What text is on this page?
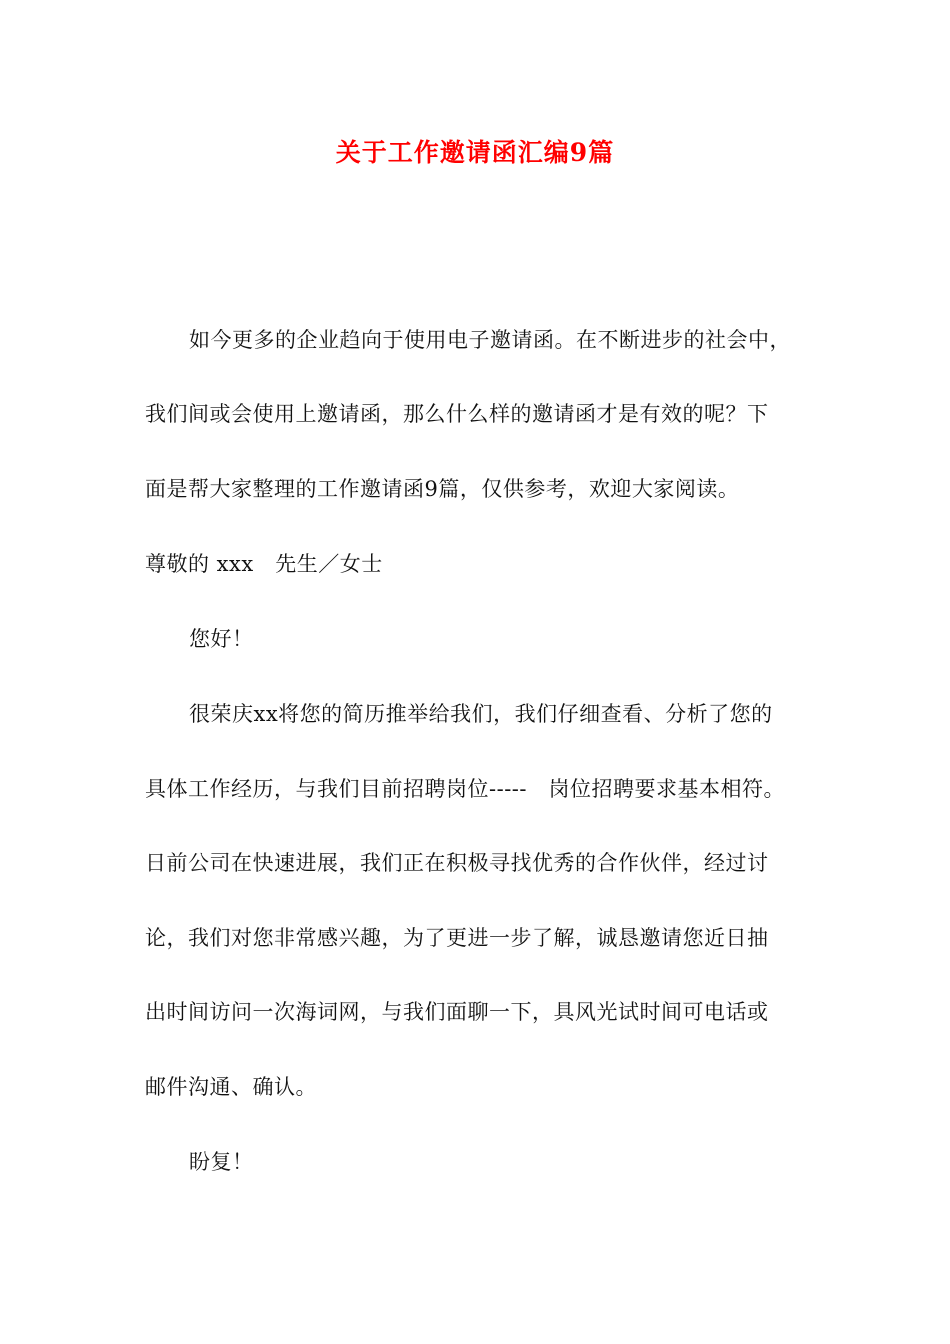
关于工作邀请函汇编9篇
如今更多的企业趋向于使用电子邀请函。在不断进步的社会中，
我们间或会使用上邀请函，那么什么样的邀请函才是有效的呢？下
面是帮大家整理的工作邀请函9篇，仅供参考，欢迎大家阅读。
尊敬的 xxx　先生／女士
您好！
很荣庆xx将您的简历推举给我们，我们仔细查看、分析了您的
具体工作经历，与我们目前招聘岗位-----　岗位招聘要求基本相符。
日前公司在快速进展，我们正在积极寻找优秀的合作伙伴，经过讨
论，我们对您非常感兴趣，为了更进一步了解，诚恳邀请您近日抽
出时间访问一次海词网，与我们面聊一下，具风光试时间可电话或
邮件沟通、确认。
盼复！
